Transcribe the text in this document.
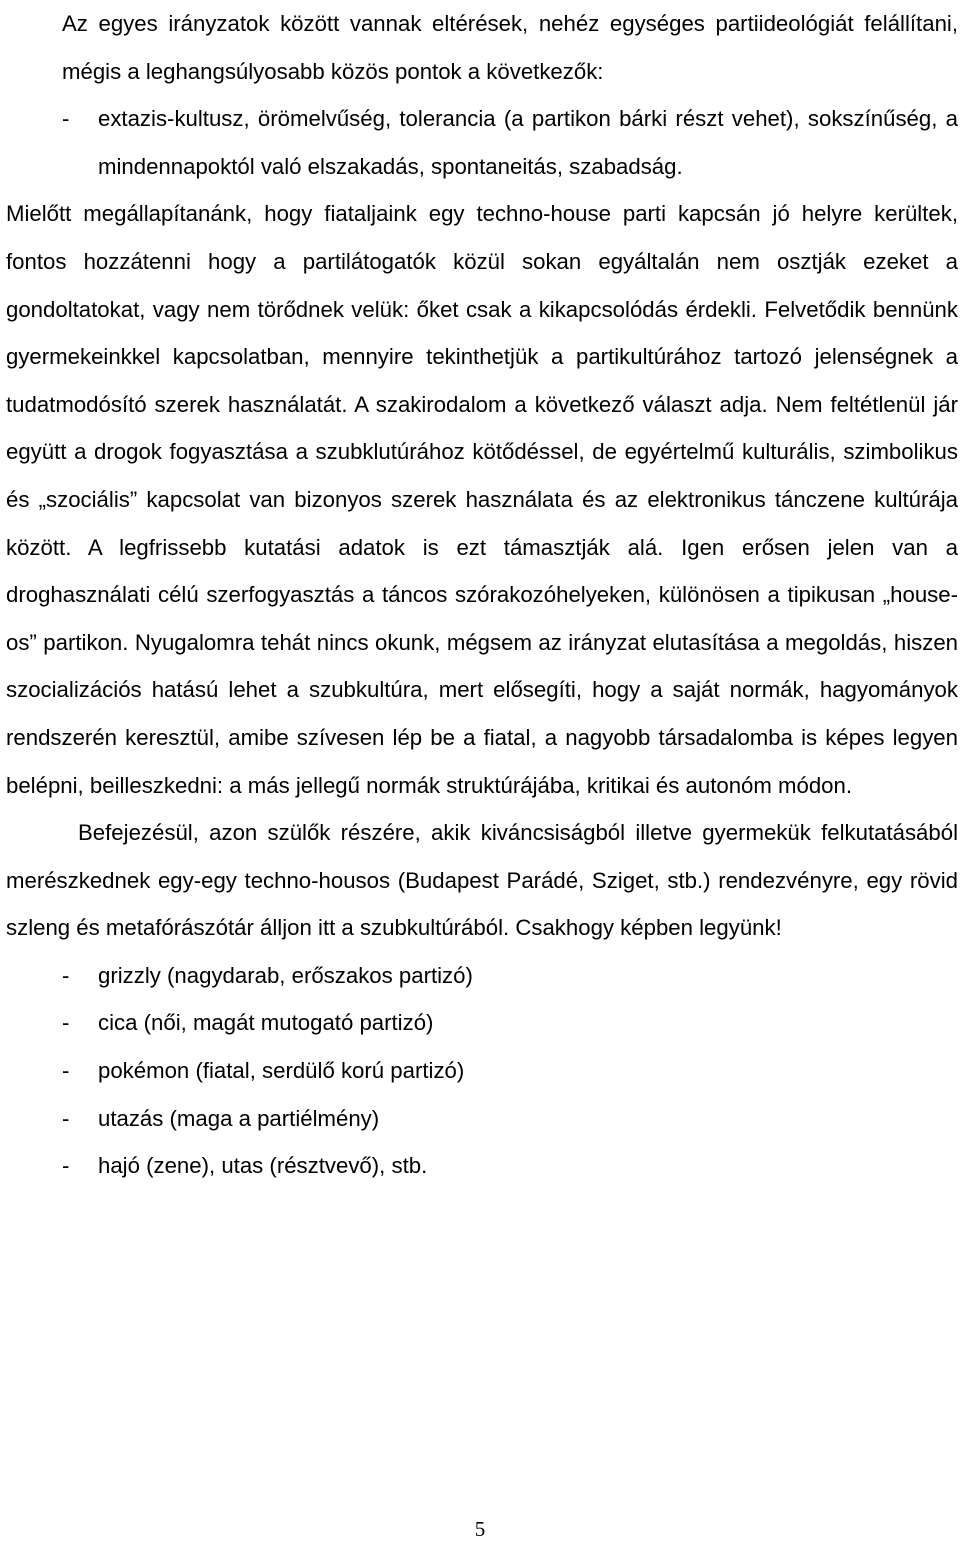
Az egyes irányzatok között vannak eltérések, nehéz egységes partiideológiát felállítani, mégis a leghangsúlyosabb közös pontok a következők:

- extazis-kultusz, örömelvűség, tolerancia (a partikon bárki részt vehet), sokszínűség, a mindennapoktól való elszakadás, spontaneitás, szabadság.

Mielőtt megállapítanánk, hogy fiataljaink egy techno-house parti kapcsán jó helyre kerültek, fontos hozzátenni hogy a partilátogatók közül sokan egyáltalán nem osztják ezeket a gondoltatokat, vagy nem törődnek velük: őket csak a kikapcsolódás érdekli. Felvetődik bennünk gyermekeinkkel kapcsolatban, mennyire tekinthetjük a partikultúrához tartozó jelenségnek a tudatmodósító szerek használatát. A szakirodalom a következő választ adja. Nem feltétlenül jár együtt a drogok fogyasztása a szubklutúrához kötődéssel, de egyértelmű kulturális, szimbolikus és „szociális” kapcsolat van bizonyos szerek használata és az elektronikus tánczene kultúrája között. A legfrissebb kutatási adatok is ezt támasztják alá. Igen erősen jelen van a droghasználati célú szerfogyasztás a táncos szórakozóhelyeken, különösen a tipikusan „house-os” partikon. Nyugalomra tehát nincs okunk, mégsem az irányzat elutasítása a megoldás, hiszen szocializációs hatású lehet a szubkultúra, mert elősegíti, hogy a saját normák, hagyományok rendszerén keresztül, amibe szívesen lép be a fiatal, a nagyobb társadalomba is képes legyen belépni, beilleszkedni: a más jellegű normák struktúrájába, kritikai és autonóm módon.

Befejezésül, azon szülők részére, akik kiváncsiságból illetve gyermekük felkutatásából merészkednek egy-egy techno-housos (Budapest Parádé, Sziget, stb.) rendezvényre, egy rövid szleng és metafórászótár álljon itt a szubkultúrából. Csakhogy képben legyünk!

- grizzly (nagydarab, erőszakos partizó)
- cica (női, magát mutogató partizó)
- pokémon (fiatal, serdülő korú partizó)
- utazás (maga a partiélmény)
- hajó (zene), utas (résztvevő), stb.
5
